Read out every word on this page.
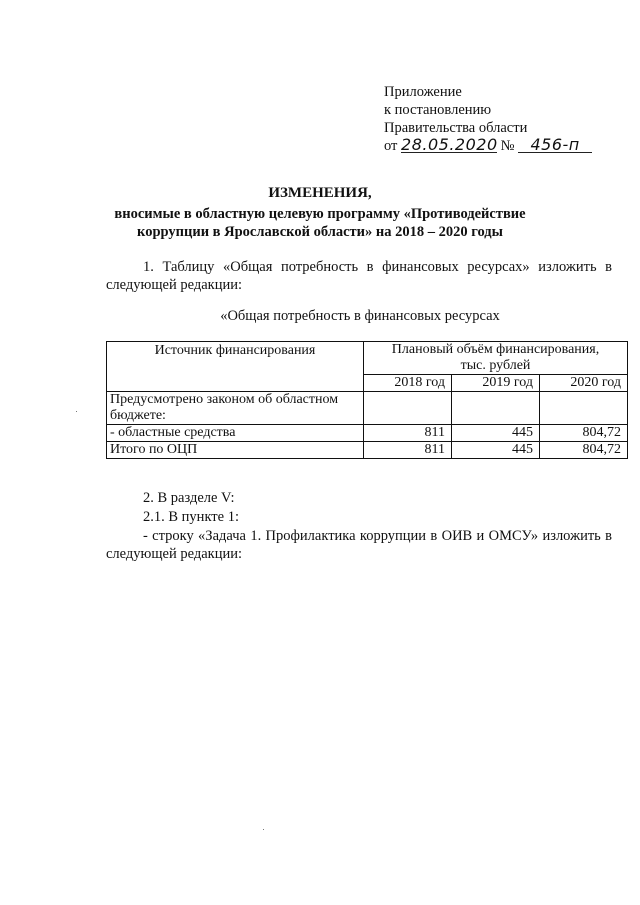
Приложение
к постановлению
Правительства области
от 28.05.2020 № 456-п
ИЗМЕНЕНИЯ,
вносимые в областную целевую программу «Противодействие
коррупции в Ярославской области» на 2018 – 2020 годы
1. Таблицу «Общая потребность в финансовых ресурсах» изложить в следующей редакции:
«Общая потребность в финансовых ресурсах
Источник финансирования	Плановый объём финансирования,
тыс. рублей		

	2018 год	2019 год	2020 год
Предусмотрено законом об областном бюджете:			
- областные средства	811	445	804,72
Итого по ОЦП	811	445	804,72
2. В разделе V:
2.1. В пункте 1:
- строку «Задача 1. Профилактика коррупции в ОИВ и ОМСУ» изложить в следующей редакции:
